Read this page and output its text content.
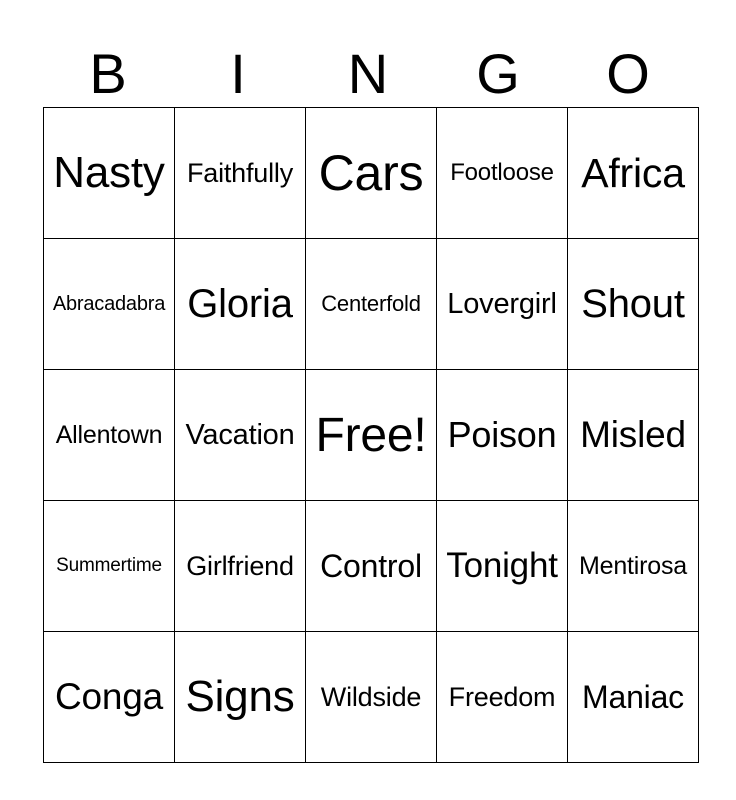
B	I	N	G	O
Nasty	Faithfully	Cars	Footloose	Africa
Abracadabra	Gloria	Centerfold	Lovergirl	Shout
Allentown	Vacation	Free!	Poison	Misled
Summertime	Girlfriend	Control	Tonight	Mentirosa
Conga	Signs	Wildside	Freedom	Maniac
